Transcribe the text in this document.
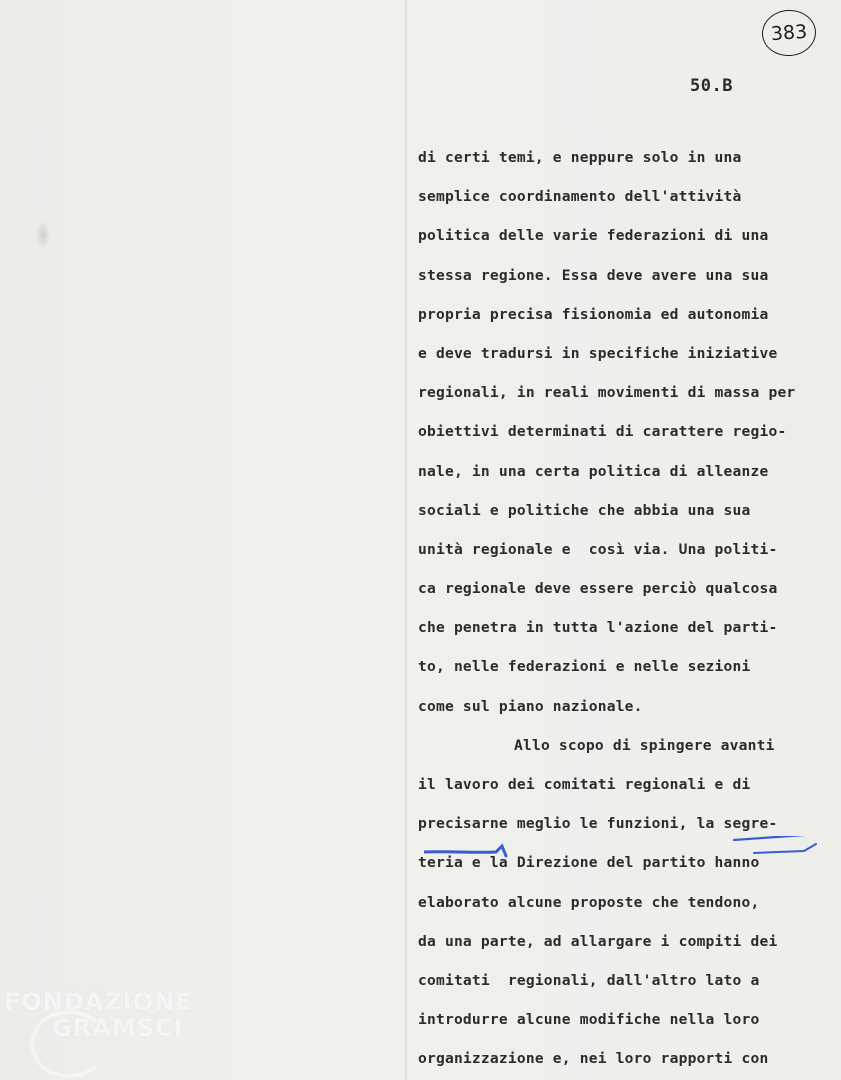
383
50.B
di certi temi, e neppure solo in una
semplice coordinamento dell'attività
politica delle varie federazioni di una
stessa regione. Essa deve avere una sua
propria precisa fisionomia ed autonomia
e deve tradursi in specifiche iniziative
regionali, in reali movimenti di massa per
obiettivi determinati di carattere regio-
nale, in una certa politica di alleanze
sociali e politiche che abbia una sua
unità regionale e  così via. Una politi-
ca regionale deve essere perciò qualcosa
che penetra in tutta l'azione del parti-
to, nelle federazioni e nelle sezioni
come sul piano nazionale.
Allo scopo di spingere avanti
il lavoro dei comitati regionali e di
precisarne meglio le funzioni, la segre-
teria e la Direzione del partito hanno
elaborato alcune proposte che tendono,
da una parte, ad allargare i compiti dei
comitati  regionali, dall'altro lato a
introdurre alcune modifiche nella loro
organizzazione e, nei loro rapporti con
FONDAZIONE
GRAMSCI
